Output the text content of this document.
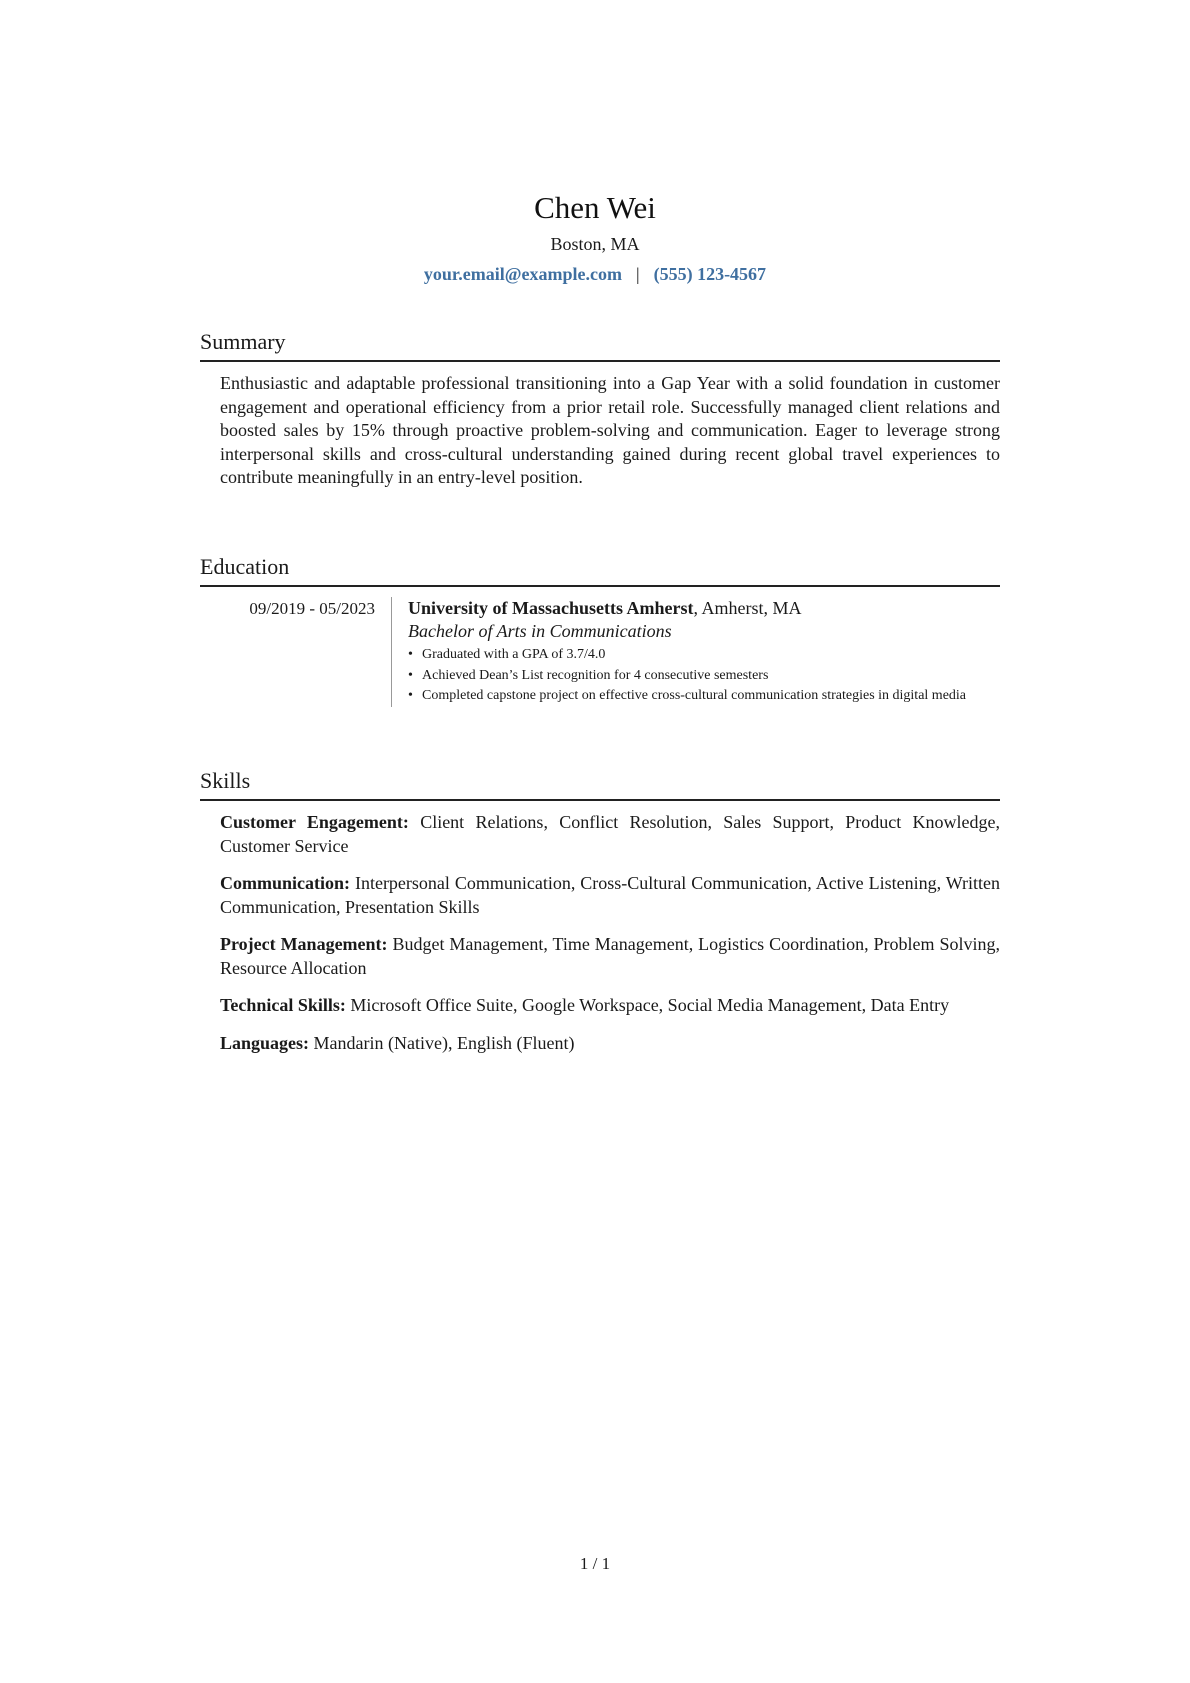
Chen Wei
Boston, MA
your.email@example.com | (555) 123-4567
Summary
Enthusiastic and adaptable professional transitioning into a Gap Year with a solid foundation in customer engagement and operational efficiency from a prior retail role. Successfully managed client relations and boosted sales by 15% through proactive problem-solving and communication. Eager to leverage strong interpersonal skills and cross-cultural understanding gained during recent global travel experiences to contribute meaningfully in an entry-level position.
Education
09/2019 - 05/2023	University of Massachusetts Amherst, Amherst, MA
Bachelor of Arts in Communications
• Graduated with a GPA of 3.7/4.0
• Achieved Dean’s List recognition for 4 consecutive semesters
• Completed capstone project on effective cross-cultural communication strategies in digital media
Skills
Customer Engagement: Client Relations, Conflict Resolution, Sales Support, Product Knowledge, Customer Service
Communication: Interpersonal Communication, Cross-Cultural Communication, Active Listening, Written Communication, Presentation Skills
Project Management: Budget Management, Time Management, Logistics Coordination, Problem Solving, Resource Allocation
Technical Skills: Microsoft Office Suite, Google Workspace, Social Media Management, Data Entry
Languages: Mandarin (Native), English (Fluent)
1 / 1
